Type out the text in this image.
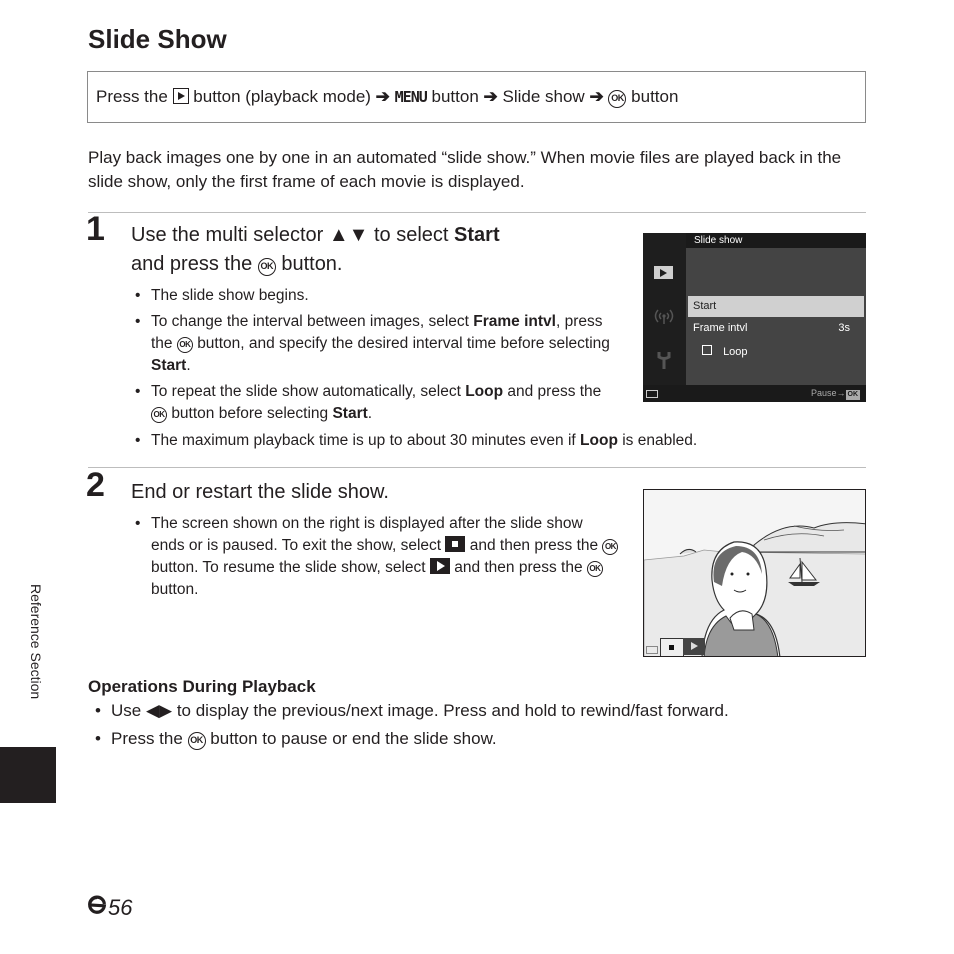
Slide Show
Press the button (playback mode) ➔ MENU button ➔ Slide show ➔ OK button
Play back images one by one in an automated “slide show.” When movie files are played back in the slide show, only the first frame of each movie is displayed.
1 Use the multi selector ▲▼ to select Start
and press the OK button.
• The slide show begins.
• To change the interval between images, select Frame intvl, press the OK button, and specify the desired interval time before selecting Start.
• To repeat the slide show automatically, select Loop and press the OK button before selecting Start.
• The maximum playback time is up to about 30 minutes even if Loop is enabled.
Slide show
Start
Frame intvl	3s
Loop
Pause→ OK
2 End or restart the slide show.
• The screen shown on the right is displayed after the slide show ends or is paused. To exit the show, select and then press the OK button. To resume the slide show, select and then press the OK button.
Operations During Playback
• Use ◀▶ to display the previous/next image. Press and hold to rewind/fast forward.
• Press the OK button to pause or end the slide show.
Reference Section
56
